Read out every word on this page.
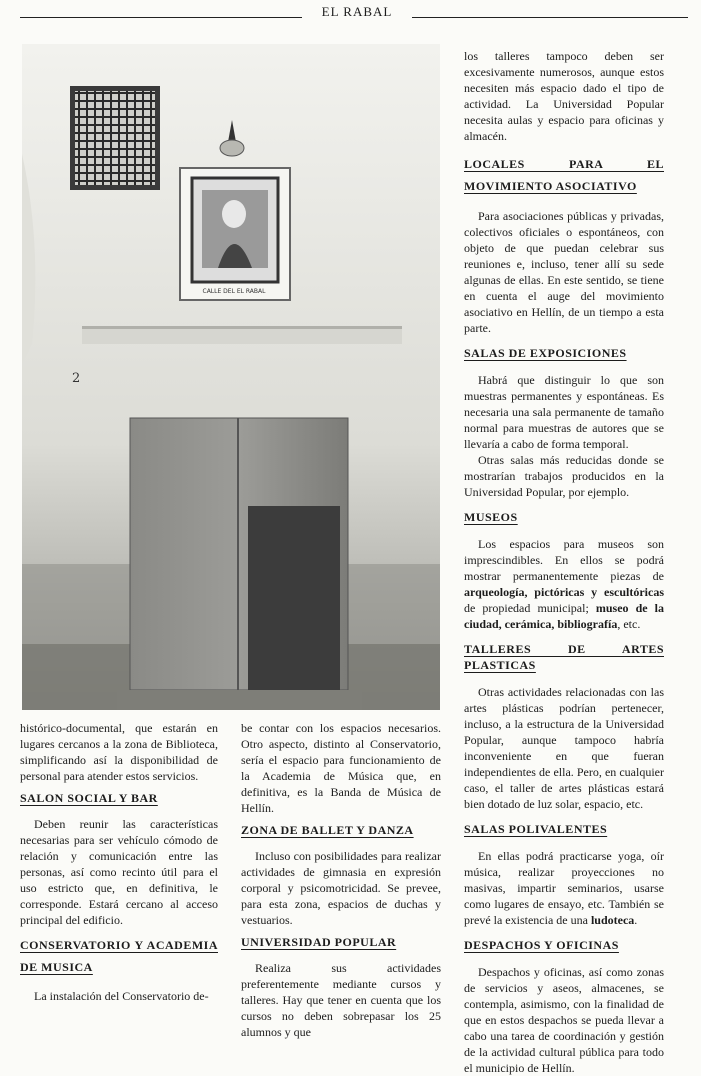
EL RABAL
CALLE DEL EL RABAL
2

histórico-documental, que estarán en lugares cercanos a la zona de Biblioteca, simplificando así la disponibilidad de personal para atender estos servicios.

SALON SOCIAL Y BAR

Deben reunir las características necesarias para ser vehículo cómodo de relación y comunicación entre las personas, así como recinto útil para el uso estricto que, en definitiva, le corresponde. Estará cercano al acceso principal del edificio.

CONSERVATORIO Y ACADEMIA DE MUSICA

La instalación del Conservatorio de-

be contar con los espacios necesarios. Otro aspecto, distinto al Conservatorio, sería el espacio para funcionamiento de la Academia de Música que, en definitiva, es la Banda de Música de Hellín.

ZONA DE BALLET Y DANZA

Incluso con posibilidades para realizar actividades de gimnasia en expresión corporal y psicomotricidad. Se prevee, para esta zona, espacios de duchas y vestuarios.

UNIVERSIDAD POPULAR

Realiza sus actividades preferentemente mediante cursos y talleres. Hay que tener en cuenta que los cursos no deben sobrepasar los 25 alumnos y que

los talleres tampoco deben ser excesivamente numerosos, aunque estos necesiten más espacio dado el tipo de actividad. La Universidad Popular necesita aulas y espacio para oficinas y almacén.

LOCALES PARA EL MOVIMIENTO ASOCIATIVO

Para asociaciones públicas y privadas, colectivos oficiales o espontáneos, con objeto de que puedan celebrar sus reuniones e, incluso, tener allí su sede algunas de ellas. En este sentido, se tiene en cuenta el auge del movimiento asociativo en Hellín, de un tiempo a esta parte.

SALAS DE EXPOSICIONES

Habrá que distinguir lo que son muestras permanentes y espontáneas. Es necesaria una sala permanente de tamaño normal para muestras de autores que se llevaría a cabo de forma temporal.

Otras salas más reducidas donde se mostrarían trabajos producidos en la Universidad Popular, por ejemplo.

MUSEOS

Los espacios para museos son imprescindibles. En ellos se podrá mostrar permanentemente piezas de arqueología, pictóricas y escultóricas de propiedad municipal; museo de la ciudad, cerámica, bibliografía, etc.

TALLERES DE ARTES PLASTICAS

Otras actividades relacionadas con las artes plásticas podrían pertenecer, incluso, a la estructura de la Universidad Popular, aunque tampoco habría inconveniente en que fueran independientes de ella. Pero, en cualquier caso, el taller de artes plásticas estará bien dotado de luz solar, espacio, etc.

SALAS POLIVALENTES

En ellas podrá practicarse yoga, oír música, realizar proyecciones no masivas, impartir seminarios, usarse como lugares de ensayo, etc. También se prevé la existencia de una ludoteca.

DESPACHOS Y OFICINAS

Despachos y oficinas, así como zonas de servicios y aseos, almacenes, se contempla, asimismo, con la finalidad de que en estos despachos se pueda llevar a cabo una tarea de coordinación y gestión de la actividad cultural pública para todo el municipio de Hellín.
